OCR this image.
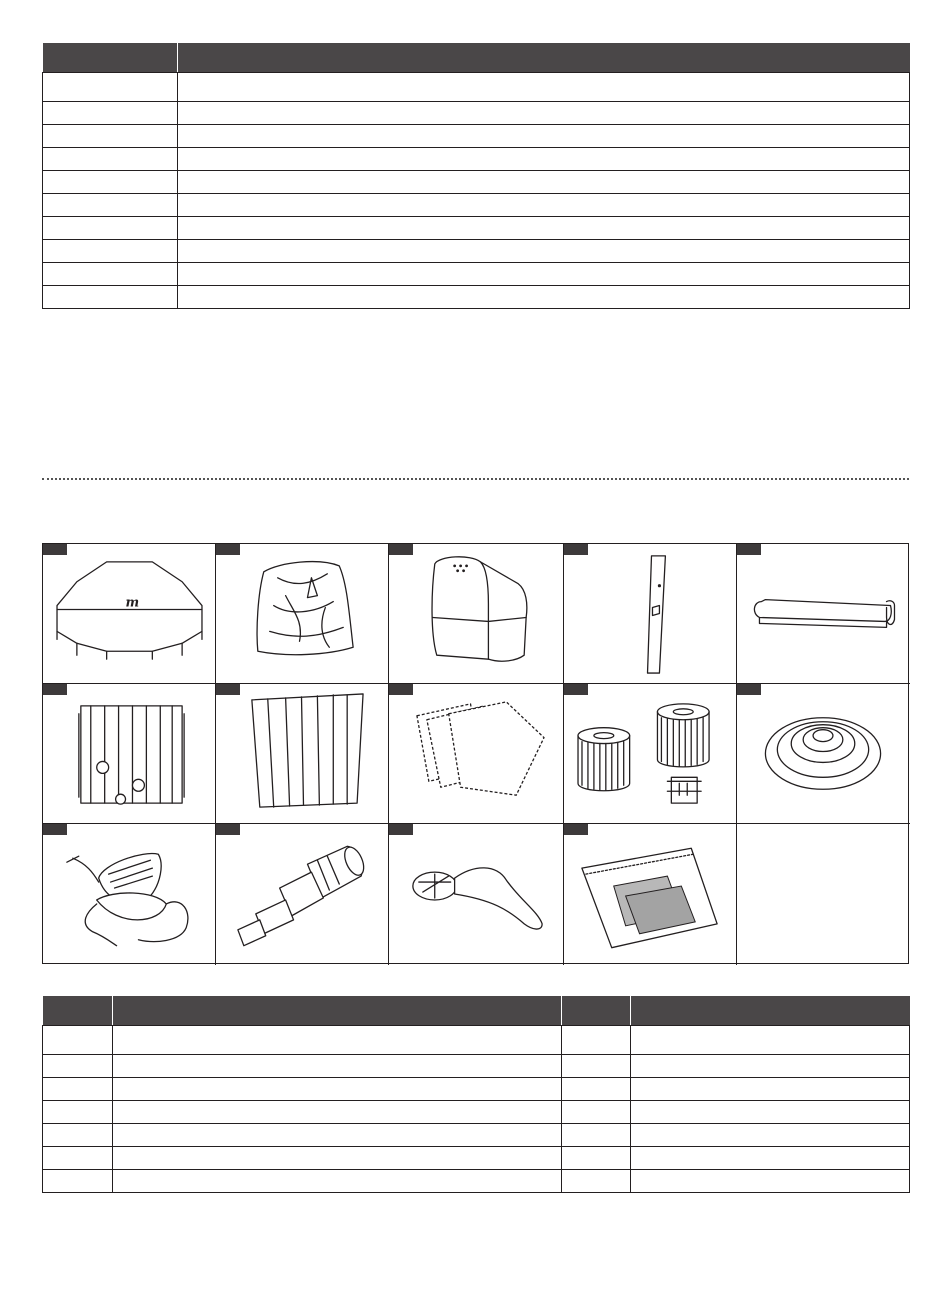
m
